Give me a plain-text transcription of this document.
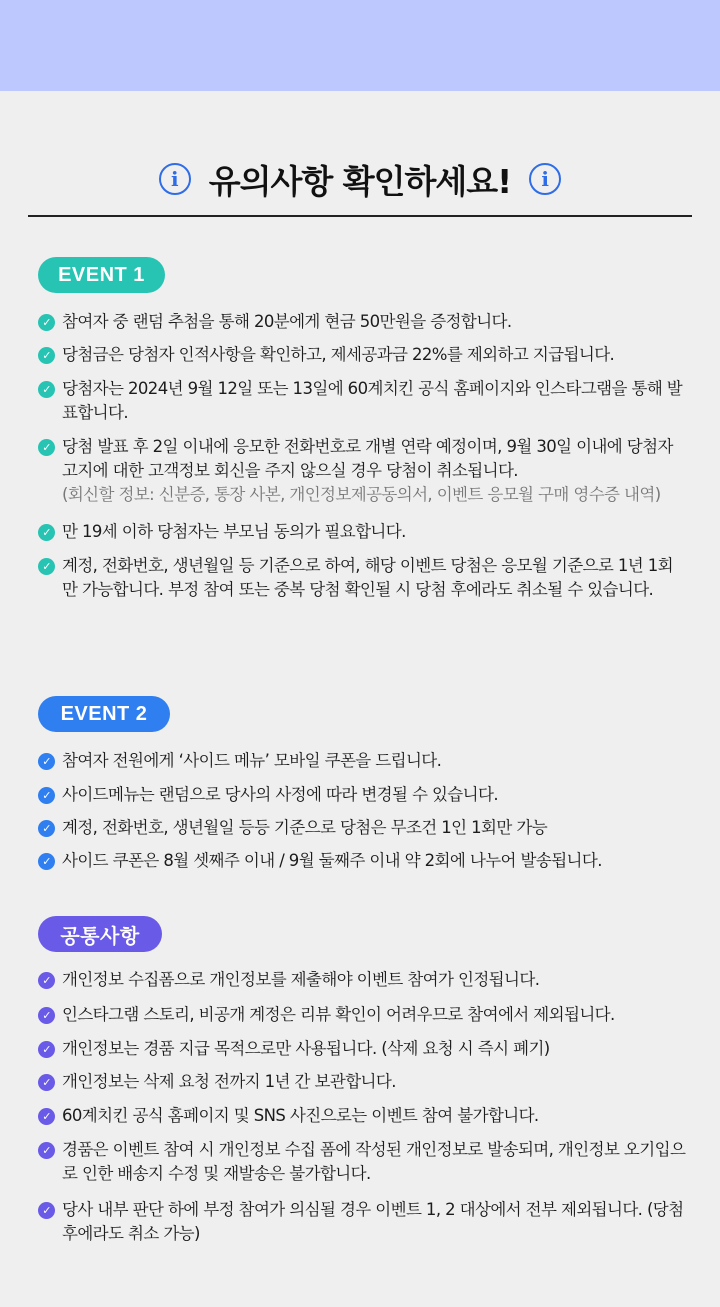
i 유의사항 확인하세요!	i
EVENT 1
✓ 참여자 중 랜덤 추첨을 통해 20분에게 현금 50만원을 증정합니다.
✓ 당첨금은 당첨자 인적사항을 확인하고, 제세공과금 22%를 제외하고 지급됩니다.
✓ 당첨자는 2024년 9월 12일 또는 13일에 60계치킨 공식 홈페이지와 인스타그램을 통해 발표합니다.
✓ 당첨 발표 후 2일 이내에 응모한 전화번호로 개별 연락 예정이며, 9월 30일 이내에 당첨자 고지에 대한 고객정보 회신을 주지 않으실 경우 당첨이 취소됩니다.
(회신할 정보: 신분증, 통장 사본, 개인정보제공동의서, 이벤트 응모월 구매 영수증 내역)
✓ 만 19세 이하 당첨자는 부모님 동의가 필요합니다.
✓ 계정, 전화번호, 생년월일 등 기준으로 하여, 해당 이벤트 당첨은 응모월 기준으로 1년 1회만 가능합니다. 부정 참여 또는 중복 당첨 확인될 시 당첨 후에라도 취소될 수 있습니다.
EVENT 2
✓ 참여자 전원에게 ‘사이드 메뉴’ 모바일 쿠폰을 드립니다.
✓ 사이드메뉴는 랜덤으로 당사의 사정에 따라 변경될 수 있습니다.
✓ 계정, 전화번호, 생년월일 등등 기준으로 당첨은 무조건 1인 1회만 가능
✓ 사이드 쿠폰은 8월 셋째주 이내 / 9월 둘째주 이내 약 2회에 나누어 발송됩니다.
공통사항
✓ 개인정보 수집폼으로 개인정보를 제출해야 이벤트 참여가 인정됩니다.
✓ 인스타그램 스토리, 비공개 계정은 리뷰 확인이 어려우므로 참여에서 제외됩니다.
✓ 개인정보는 경품 지급 목적으로만 사용됩니다. (삭제 요청 시 즉시 폐기)
✓ 개인정보는 삭제 요청 전까지 1년 간 보관합니다.
✓ 60계치킨 공식 홈페이지 및 SNS 사진으로는 이벤트 참여 불가합니다.
✓ 경품은 이벤트 참여 시 개인정보 수집 폼에 작성된 개인정보로 발송되며, 개인정보 오기입으로 인한 배송지 수정 및 재발송은 불가합니다.
✓ 당사 내부 판단 하에 부정 참여가 의심될 경우 이벤트 1, 2 대상에서 전부 제외됩니다. (당첨 후에라도 취소 가능)
